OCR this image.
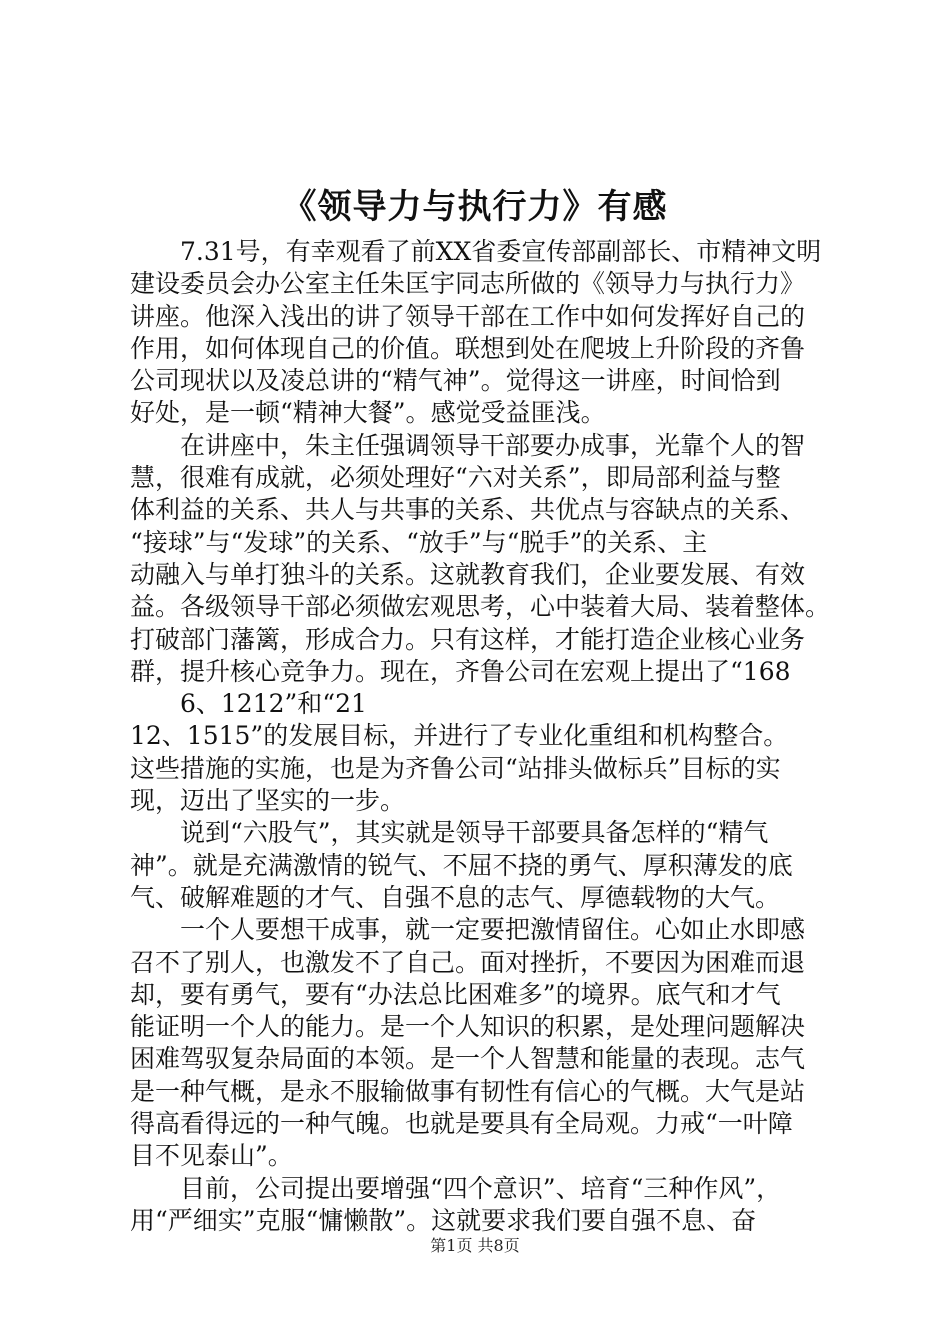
《领导力与执行力》有感

7.31号，有幸观看了前XX省委宣传部副部长、市精神文明
建设委员会办公室主任朱匡宇同志所做的《领导力与执行力》
讲座。他深入浅出的讲了领导干部在工作中如何发挥好自己的
作用，如何体现自己的价值。联想到处在爬坡上升阶段的齐鲁
公司现状以及凌总讲的“精气神”。觉得这一讲座，时间恰到
好处，是一顿“精神大餐”。感觉受益匪浅。

在讲座中，朱主任强调领导干部要办成事，光靠个人的智
慧，很难有成就，必须处理好“六对关系”，即局部利益与整
体利益的关系、共人与共事的关系、共优点与容缺点的关系、
“接球”与“发球”的关系、“放手”与“脱手”的关系、主
动融入与单打独斗的关系。这就教育我们，企业要发展、有效
益。各级领导干部必须做宏观思考，心中装着大局、装着整体。
打破部门藩篱，形成合力。只有这样，才能打造企业核心业务
群，提升核心竞争力。现在，齐鲁公司在宏观上提出了“168

6、1212”和“21

12、1515”的发展目标，并进行了专业化重组和机构整合。
这些措施的实施，也是为齐鲁公司“站排头做标兵”目标的实
现，迈出了坚实的一步。

说到“六股气”，其实就是领导干部要具备怎样的“精气
神”。就是充满激情的锐气、不屈不挠的勇气、厚积薄发的底
气、破解难题的才气、自强不息的志气、厚德载物的大气。

一个人要想干成事，就一定要把激情留住。心如止水即感
召不了别人，也激发不了自己。面对挫折，不要因为困难而退
却，要有勇气，要有“办法总比困难多”的境界。底气和才气
能证明一个人的能力。是一个人知识的积累，是处理问题解决
困难驾驭复杂局面的本领。是一个人智慧和能量的表现。志气
是一种气概，是永不服输做事有韧性有信心的气概。大气是站
得高看得远的一种气魄。也就是要具有全局观。力戒“一叶障
目不见泰山”。

目前，公司提出要增强“四个意识”、培育“三种作风”，
用“严细实”克服“慵懒散”。这就要求我们要自强不息、奋

第1页 共8页
